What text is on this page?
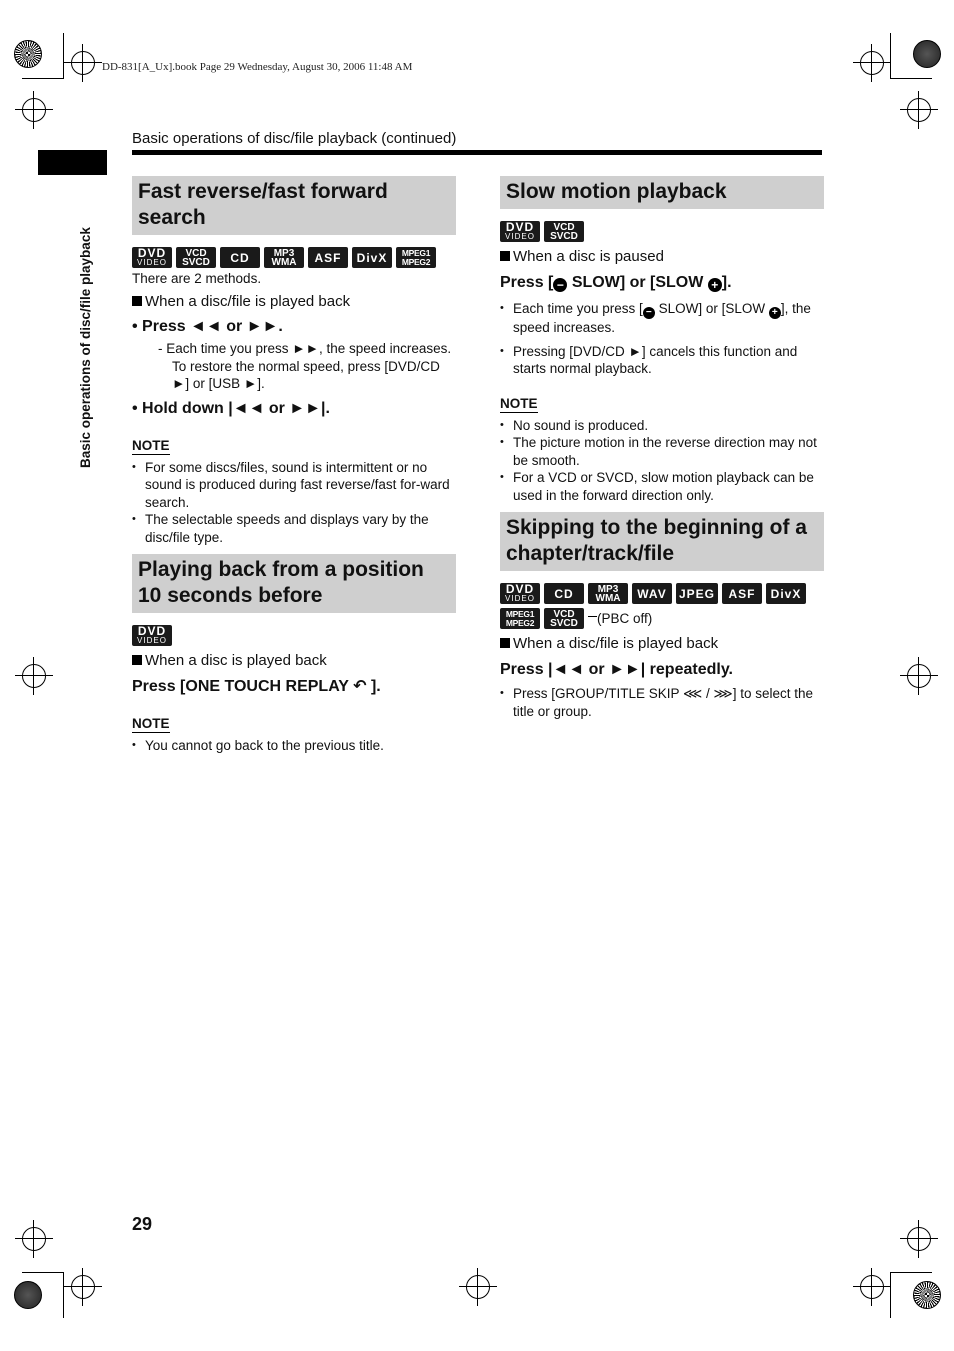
DD-831[A_Ux].book Page 29 Wednesday, August 30, 2006 11:48 AM
Basic operations of disc/file playback (continued)
Basic operations of disc/file playback
Fast reverse/fast forward search
DVD
VIDEO
VCD
SVCD CD MP3
WMA ASF DivX MPEG1
MPEG2

There are 2 methods.

When a disc/file is played back
• Press ◄◄ or ►►.
- Each time you press ►►, the speed increases. To restore the normal speed, press [DVD/CD ►] or [USB ►].
• Hold down |◄◄ or ►►|.
NOTE
• For some discs/files, sound is intermittent or no sound is produced during fast reverse/fast for-ward search.
• The selectable speeds and displays vary by the disc/file type.
Playing back from a position 10 seconds before
DVD
VIDEO
When a disc is played back
Press [ONE TOUCH REPLAY ↶ ].
NOTE
• You cannot go back to the previous title.
Slow motion playback
DVD
VIDEO
VCD
SVCD
When a disc is paused
Press [ − SLOW] or [SLOW + ].
• Each time you press [ − SLOW] or [SLOW + ], the speed increases.
• Pressing [DVD/CD ►] cancels this function and starts normal playback.
NOTE
• No sound is produced.
• The picture motion in the reverse direction may not be smooth.
• For a VCD or SVCD, slow motion playback can be used in the forward direction only.
Skipping to the beginning of a chapter/track/file
DVD
VIDEO CD MP3
WMA WAV JPEG ASF DivX
MPEG1
MPEG2
VCD
SVCD	(PBC off)
When a disc/file is played back
Press |◄◄ or ►►| repeatedly.
• Press [GROUP/TITLE SKIP ⋘ / ⋙] to select the title or group.
29
